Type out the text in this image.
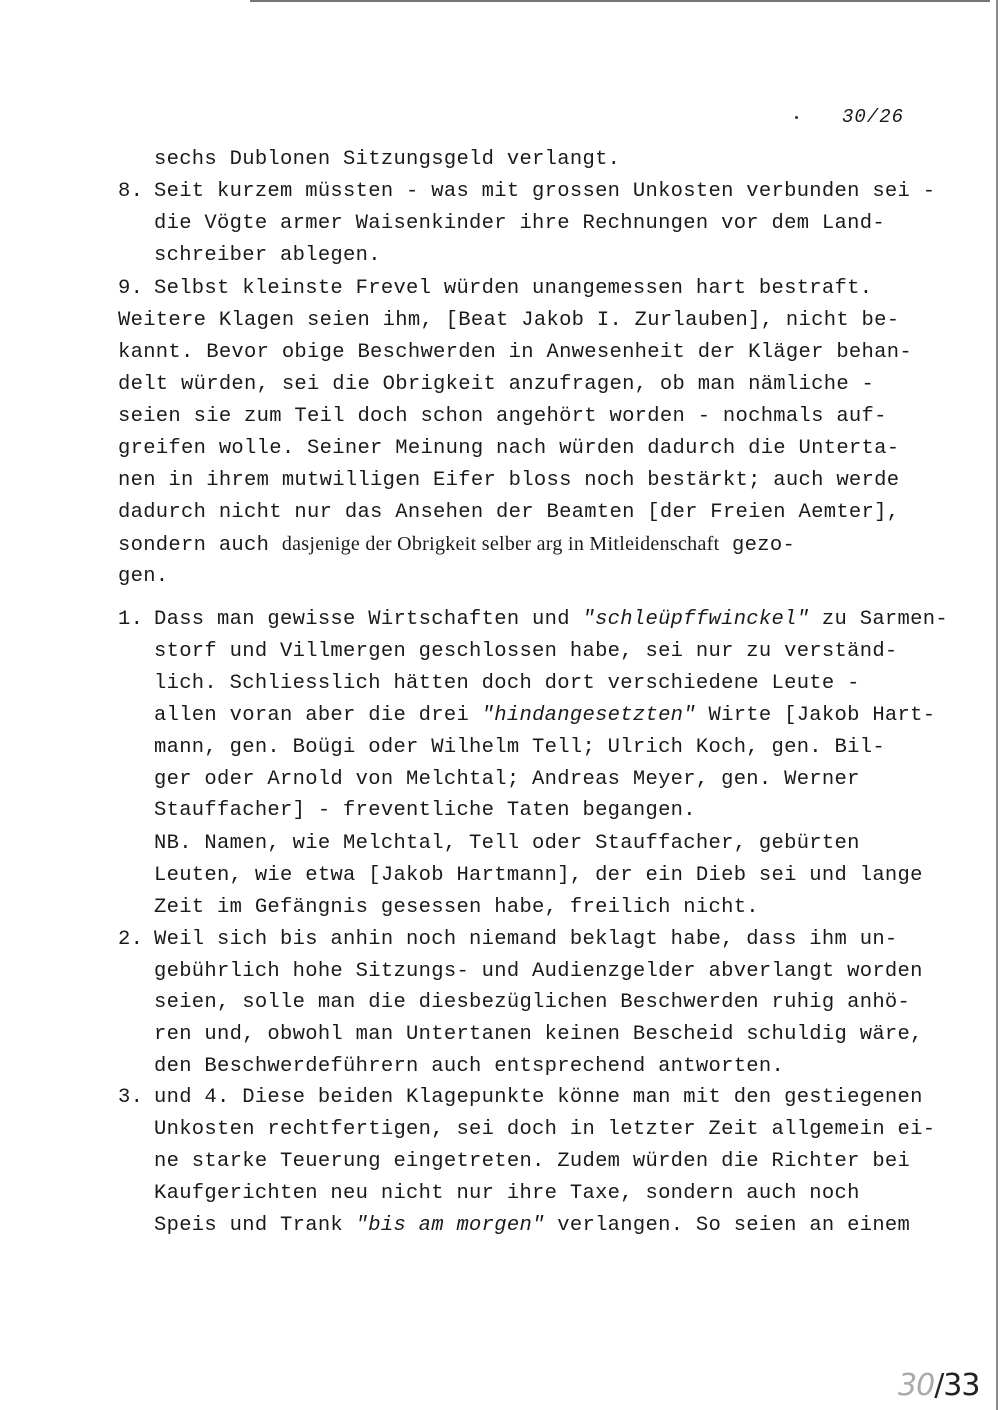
30/26
sechs Dublonen Sitzungsgeld verlangt.
8. Seit kurzem müssten - was mit grossen Unkosten verbunden sei -
die Vögte armer Waisenkinder ihre Rechnungen vor dem Land-
schreiber ablegen.
9. Selbst kleinste Frevel würden unangemessen hart bestraft.
Weitere Klagen seien ihm, [Beat Jakob I. Zurlauben], nicht be-
kannt. Bevor obige Beschwerden in Anwesenheit der Kläger behan-
delt würden, sei die Obrigkeit anzufragen, ob man nämliche -
seien sie zum Teil doch schon angehört worden - nochmals auf-
greifen wolle. Seiner Meinung nach würden dadurch die Unterta-
nen in ihrem mutwilligen Eifer bloss noch bestärkt; auch werde
dadurch nicht nur das Ansehen der Beamten [der Freien Aemter],
sondern auch dasjenige der Obrigkeit selber arg in Mitleidenschaft gezo-
gen.
1. Dass man gewisse Wirtschaften und "schleüpffwinckel" zu Sarmen-
storf und Villmergen geschlossen habe, sei nur zu verständ-
lich. Schliesslich hätten doch dort verschiedene Leute -
allen voran aber die drei "hindangesetzten" Wirte [Jakob Hart-
mann, gen. Boügi oder Wilhelm Tell; Ulrich Koch, gen. Bil-
ger oder Arnold von Melchtal; Andreas Meyer, gen. Werner
Stauffacher] - freventliche Taten begangen.
NB. Namen, wie Melchtal, Tell oder Stauffacher, gebürten
Leuten, wie etwa [Jakob Hartmann], der ein Dieb sei und lange
Zeit im Gefängnis gesessen habe, freilich nicht.
2. Weil sich bis anhin noch niemand beklagt habe, dass ihm un-
gebührlich hohe Sitzungs- und Audienzgelder abverlangt worden
seien, solle man die diesbezüglichen Beschwerden ruhig anhö-
ren und, obwohl man Untertanen keinen Bescheid schuldig wäre,
den Beschwerdeführern auch entsprechend antworten.
3. und 4. Diese beiden Klagepunkte könne man mit den gestiegenen
Unkosten rechtfertigen, sei doch in letzter Zeit allgemein ei-
ne starke Teuerung eingetreten. Zudem würden die Richter bei
Kaufgerichten neu nicht nur ihre Taxe, sondern auch noch
Speis und Trank "bis am morgen" verlangen. So seien an einem
30/33
